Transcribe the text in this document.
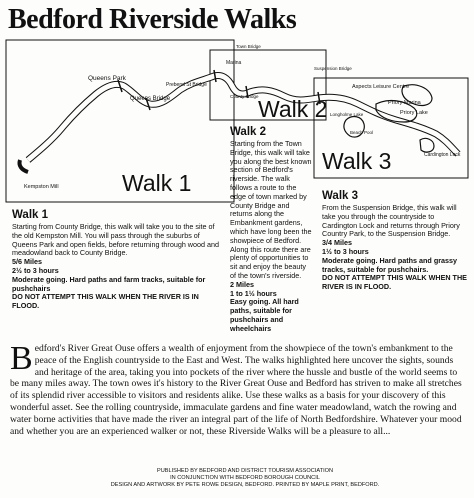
Bedford Riverside Walks
Queens Park
Queens Bridge
Prebend St Bridge
Town Bridge
Marina
County Bridge
Suspension Bridge
Aspects Leisure Centre
Priory Marina
Priory Lake
Longholme Lake
Beach Pool
Cardington Lock
Kempston Mill	Walk 1
Walk 2
Walk 3
Walk 1

Starting from County Bridge, this walk will take you to the site of the old Kempston Mill. You will pass through the suburbs of Queens Park and open fields, before returning through wood and meadowland back to County Bridge.

5/6 Miles

2½ to 3 hours

Moderate going. Hard paths and farm tracks, suitable for pushchairs

DO NOT ATTEMPT THIS WALK WHEN THE RIVER IS IN FLOOD.

Walk 2

Starting from the Town Bridge, this walk will take you along the best known section of Bedford's riverside. The walk follows a route to the edge of town marked by County Bridge and returns along the Embankment gardens, which have long been the showpiece of Bedford. Along this route there are plenty of opportunities to sit and enjoy the beauty of the town's riverside.

2 Miles

1 to 1½ hours

Easy going. All hard paths, suitable for pushchairs and wheelchairs

Walk 3

From the Suspension Bridge, this walk will take you through the countryside to Cardington Lock and returns through Priory Country Park, to the Suspension Bridge.

3/4 Miles

1½ to 3 hours

Moderate going. Hard paths and grassy tracks, suitable for pushchairs.

DO NOT ATTEMPT THIS WALK WHEN THE RIVER IS IN FLOOD.

Bedford's River Great Ouse offers a wealth of enjoyment from the showpiece of the town's embankment to the peace of the English countryside to the East and West. The walks highlighted here uncover the sights, sounds and heritage of the area, taking you into pockets of the river where the hussle and bustle of the world seems to be many miles away. The town owes it's history to the River Great Ouse and Bedford has striven to make all stretches of its splendid river accessible to visitors and residents alike. Use these walks as a basis for your discovery of this wonderful asset. See the rolling countryside, immaculate gardens and fine water meadowland, watch the rowing and water borne activities that have made the river an integral part of the life of North Bedfordshire. Whatever your mood and whether you are an experienced walker or not, these Riverside Walks will be a pleasure to all...

PUBLISHED BY BEDFORD AND DISTRICT TOURISM ASSOCIATION
IN CONJUNCTION WITH BEDFORD BOROUGH COUNCIL
DESIGN AND ARTWORK BY PETE ROWE DESIGN, BEDFORD. PRINTED BY MAPLE PRINT, BEDFORD.
